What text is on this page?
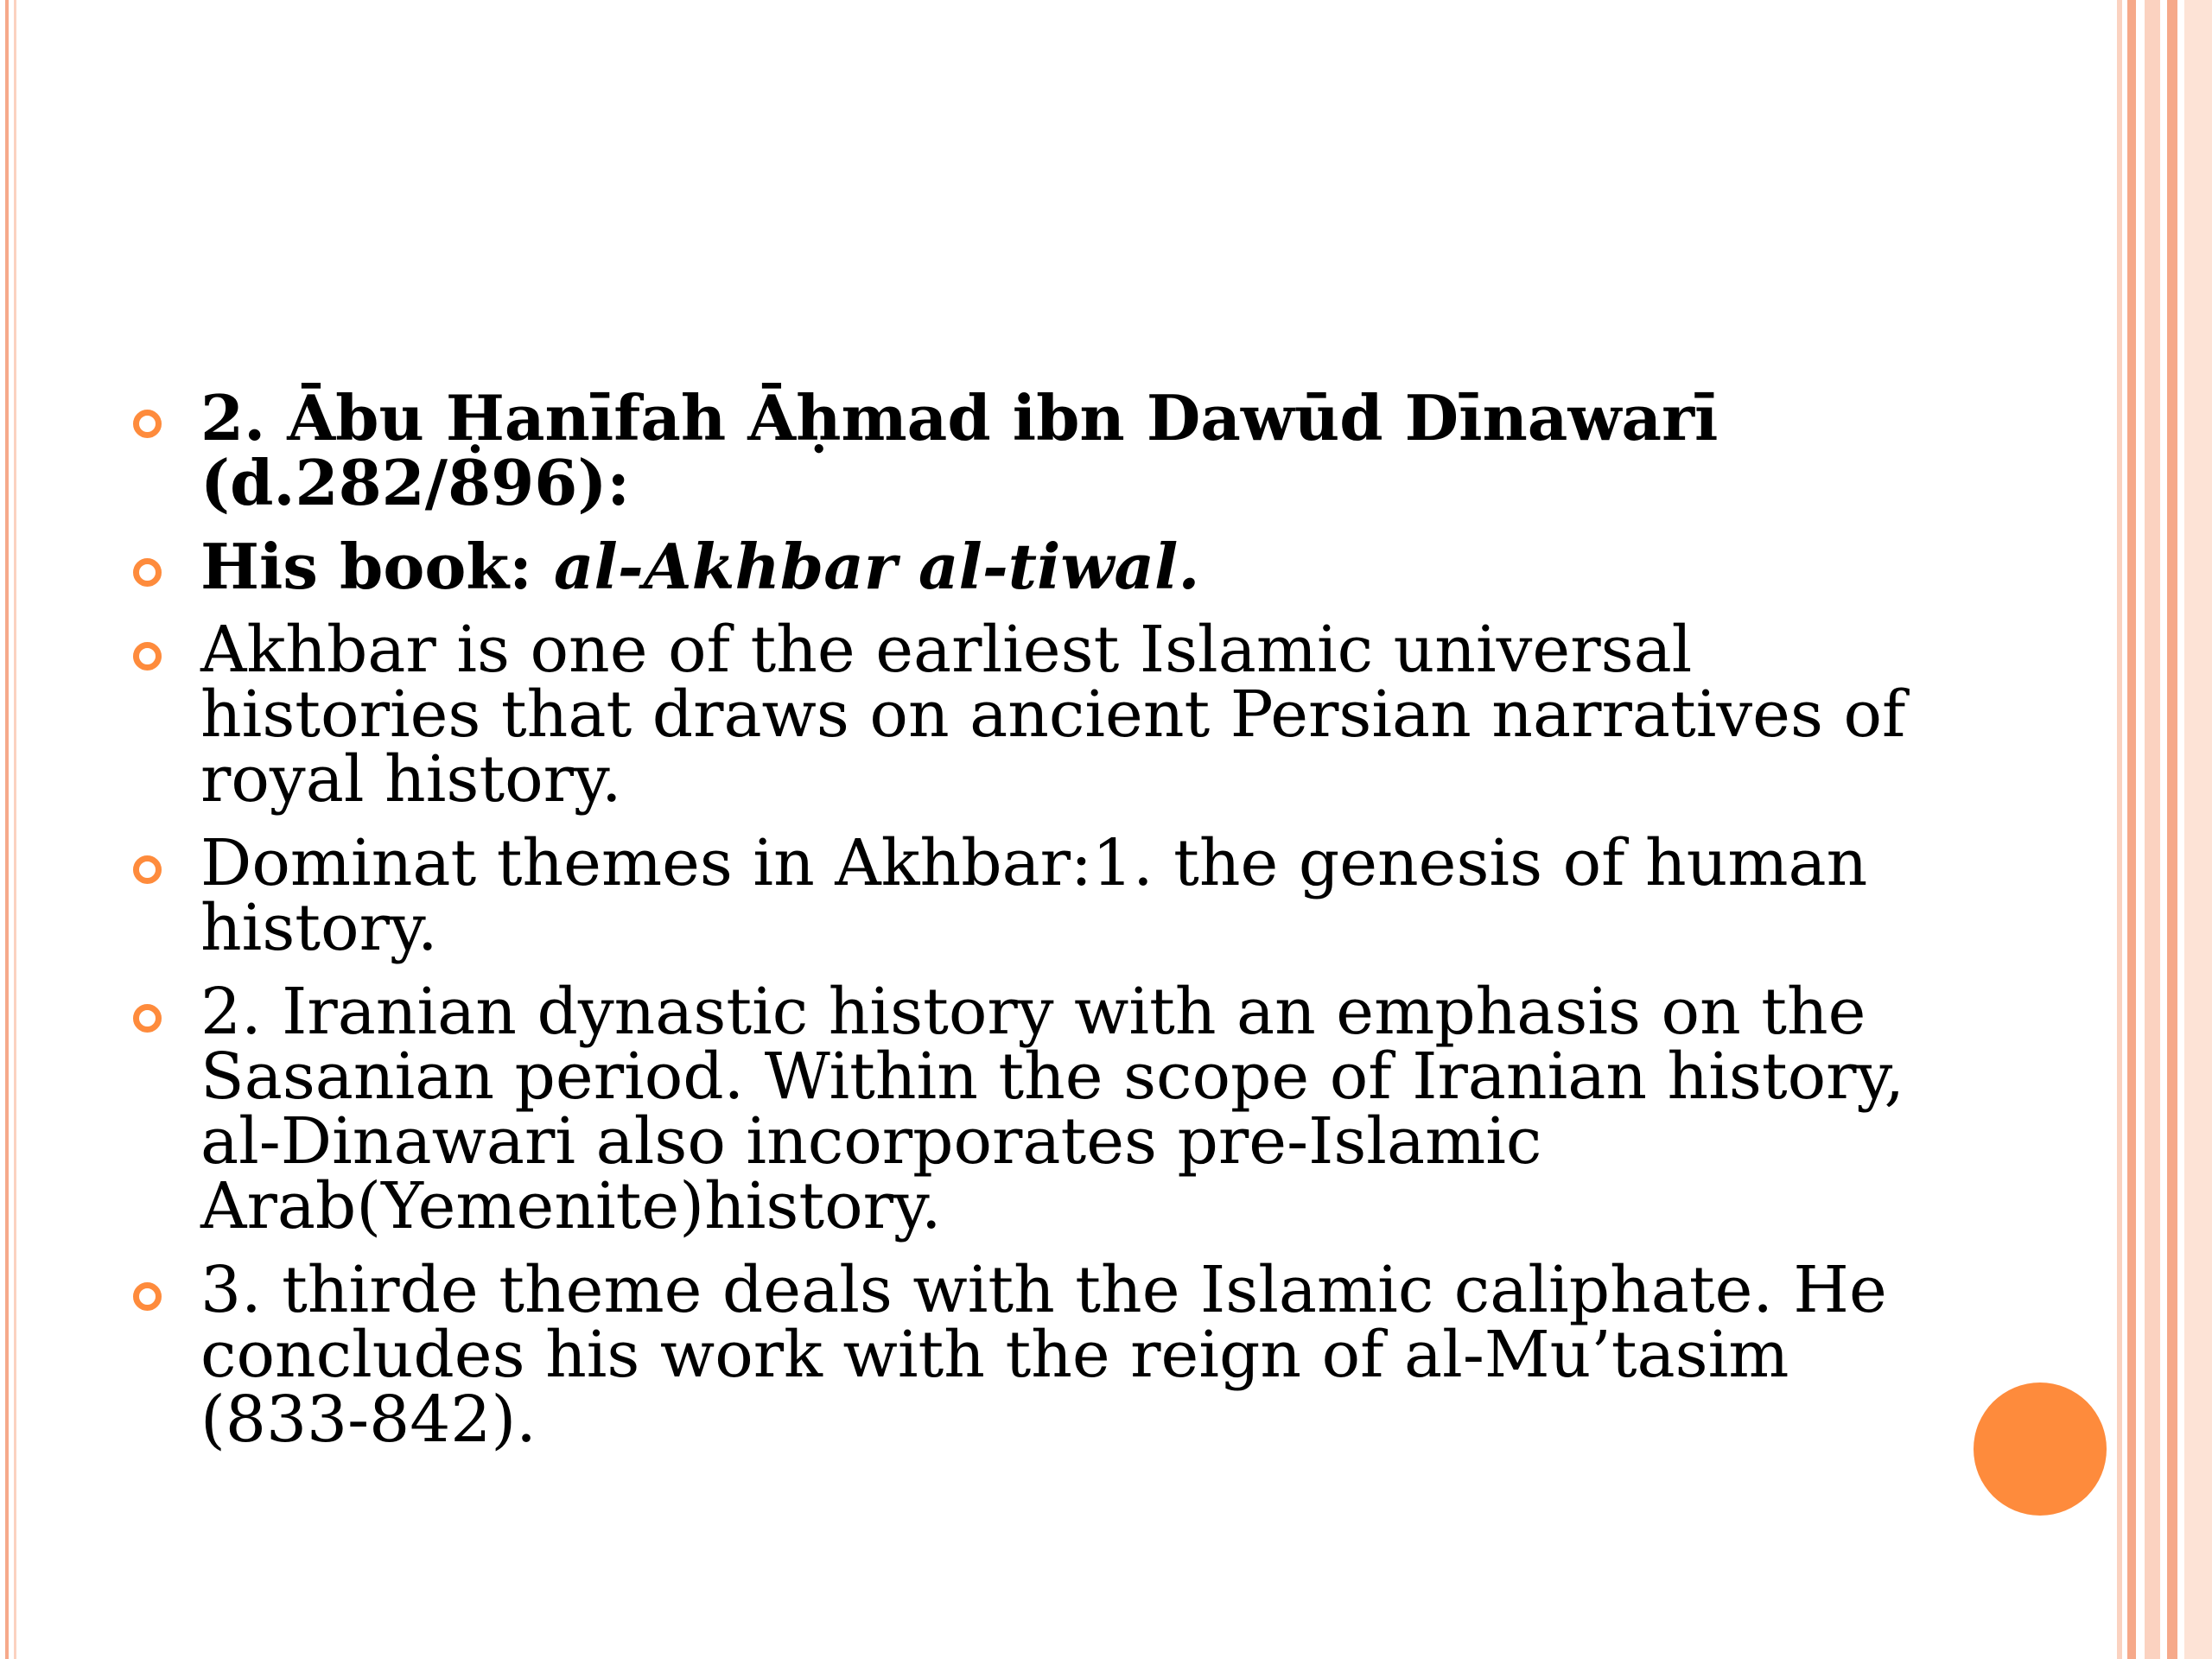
2. Ābu Ḥanīfah Āḥmad ibn Dawūd Dīnawarī (d.282/896):
His book: al-Akhbar al-tiwal.
Akhbar is one of the earliest Islamic universal histories that draws on ancient Persian narratives of royal history.
Dominat themes in Akhbar:1. the genesis of human history.
2. Iranian dynastic history with an emphasis on the Sasanian period. Within the scope of Iranian history, al-Dinawari also incorporates pre-Islamic Arab(Yemenite)history.
3. thirde theme deals with the Islamic caliphate. He concludes his work with the reign of al-Mu’tasim (833-842).
